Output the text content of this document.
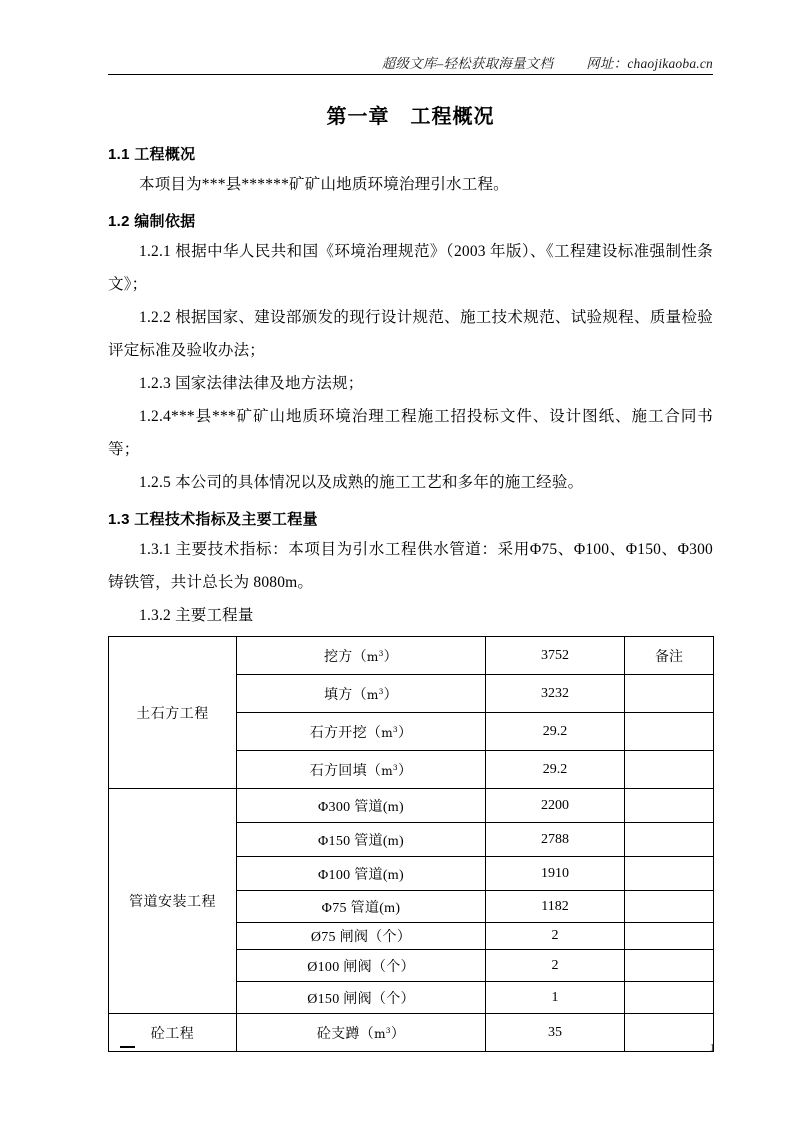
超级文库–轻松获取海量文档 网址：chaojikaoba.cn
第一章　工程概况
1.1 工程概况

本项目为***县******矿矿山地质环境治理引水工程。

1.2 编制依据

1.2.1 根据中华人民共和国《环境治理规范》（2003 年版）、《工程建设标准强制性条文》；

1.2.2 根据国家、建设部颁发的现行设计规范、施工技术规范、试验规程、质量检验评定标准及验收办法；

1.2.3 国家法律法律及地方法规；

1.2.4***县***矿矿山地质环境治理工程施工招投标文件、设计图纸、施工合同书等；

1.2.5 本公司的具体情况以及成熟的施工工艺和多年的施工经验。

1.3 工程技术指标及主要工程量

1.3.1 主要技术指标：本项目为引水工程供水管道：采用Φ75、Φ100、Φ150、Φ300 铸铁管，共计总长为 8080m。

1.3.2 主要工程量

土石方工程	挖方$(m^3)$	3752	备注
	填方$(m^3)$	3232	
	石方开挖$(m^3)$	29.2	
	石方回填$(m^3)$	29.2	
管道安装工程	Φ300 管道(m)	2200	
	Φ150 管道(m)	2788	
	Φ100 管道(m)	1910	
	Φ75 管道(m)	1182	
	Ø75 闸阀（个）	2	
	Ø100 闸阀（个）	2	
	Ø150 闸阀（个）	1	
砼工程	砼支蹲$(m^3)$	35	
1
